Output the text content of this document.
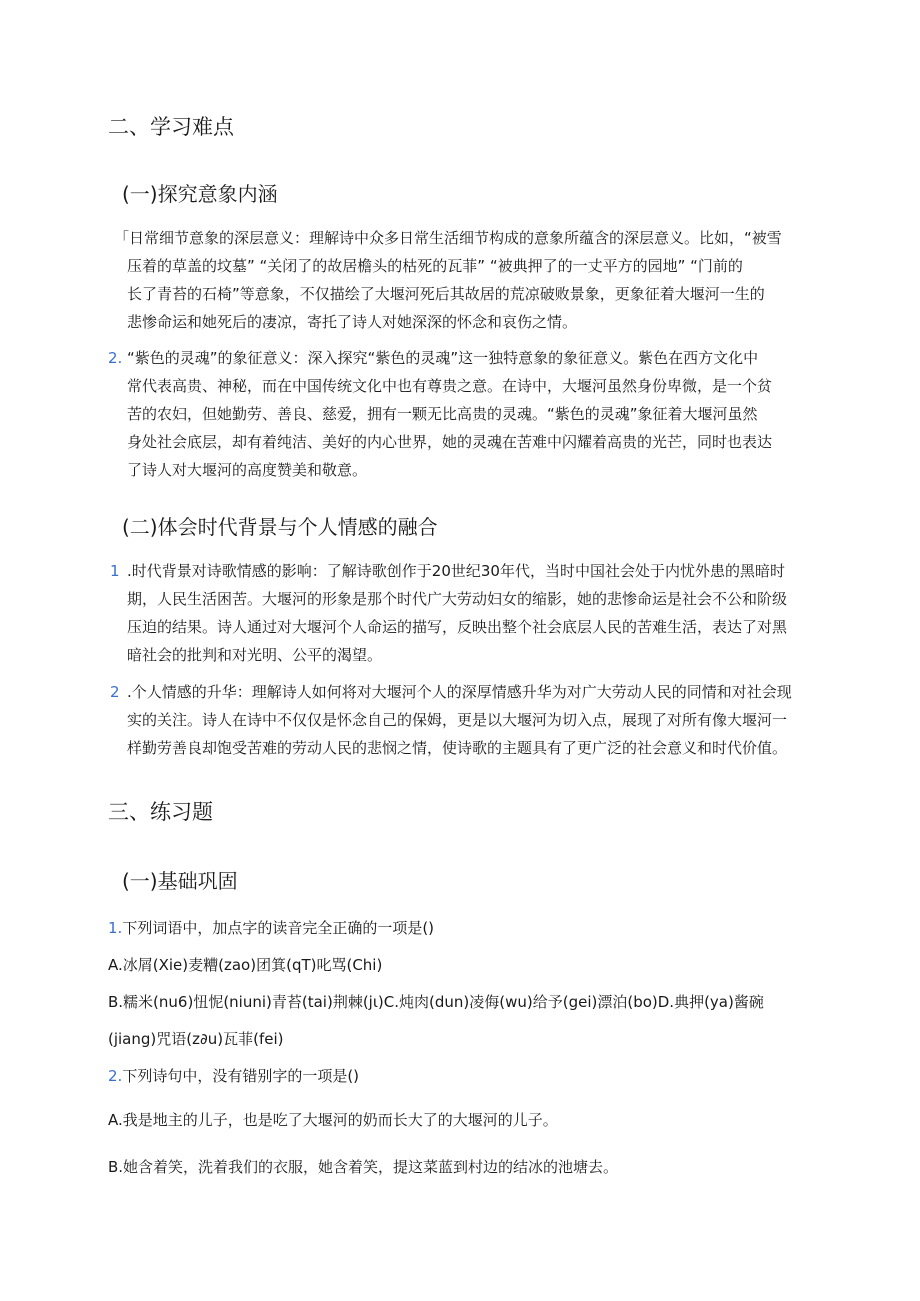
二、学习难点
(一)探究意象内涵
「日常细节意象的深层意义：理解诗中众多日常生活细节构成的意象所蕴含的深层意义。比如，“被雪
压着的草盖的坟墓” “关闭了的故居檐头的枯死的瓦菲” “被典押了的一丈平方的园地” “门前的
长了青苔的石椅”等意象，不仅描绘了大堰河死后其故居的荒凉破败景象，更象征着大堰河一生的
悲惨命运和她死后的凄凉，寄托了诗人对她深深的怀念和哀伤之情。
2. “紫色的灵魂”的象征意义：深入探究“紫色的灵魂”这一独特意象的象征意义。紫色在西方文化中
常代表高贵、神秘，而在中国传统文化中也有尊贵之意。在诗中，大堰河虽然身份卑微，是一个贫
苦的农妇，但她勤劳、善良、慈爱，拥有一颗无比高贵的灵魂。“紫色的灵魂”象征着大堰河虽然
身处社会底层，却有着纯洁、美好的内心世界，她的灵魂在苦难中闪耀着高贵的光芒，同时也表达
了诗人对大堰河的高度赞美和敬意。
(二)体会时代背景与个人情感的融合
1 .时代背景对诗歌情感的影响：了解诗歌创作于20世纪30年代，当时中国社会处于内忧外患的黑暗时
期，人民生活困苦。大堰河的形象是那个时代广大劳动妇女的缩影，她的悲惨命运是社会不公和阶级
压迫的结果。诗人通过对大堰河个人命运的描写，反映出整个社会底层人民的苦难生活，表达了对黑
暗社会的批判和对光明、公平的渴望。
2 .个人情感的升华：理解诗人如何将对大堰河个人的深厚情感升华为对广大劳动人民的同情和对社会现
实的关注。诗人在诗中不仅仅是怀念自己的保姆，更是以大堰河为切入点，展现了对所有像大堰河一
样勤劳善良却饱受苦难的劳动人民的悲悯之情，使诗歌的主题具有了更广泛的社会意义和时代价值。
三、练习题
(一)基础巩固
1.下列词语中，加点字的读音完全正确的一项是()
A.冰屑(Xie)麦糟(zao)团箕(qT)叱骂(Chi)
B.糯米(nu6)忸怩(niuni)青苔(tai)荆棘(jι)C.炖肉(dun)凌侮(wu)给予(gei)漂泊(bo)D.典押(ya)酱碗
(jiang)咒语(z∂u)瓦菲(fei)
2.下列诗句中，没有错别字的一项是()
A.我是地主的儿子，也是吃了大堰河的奶而长大了的大堰河的儿子。
B.她含着笑，洗着我们的衣服，她含着笑，提这菜蓝到村边的结冰的池塘去。
